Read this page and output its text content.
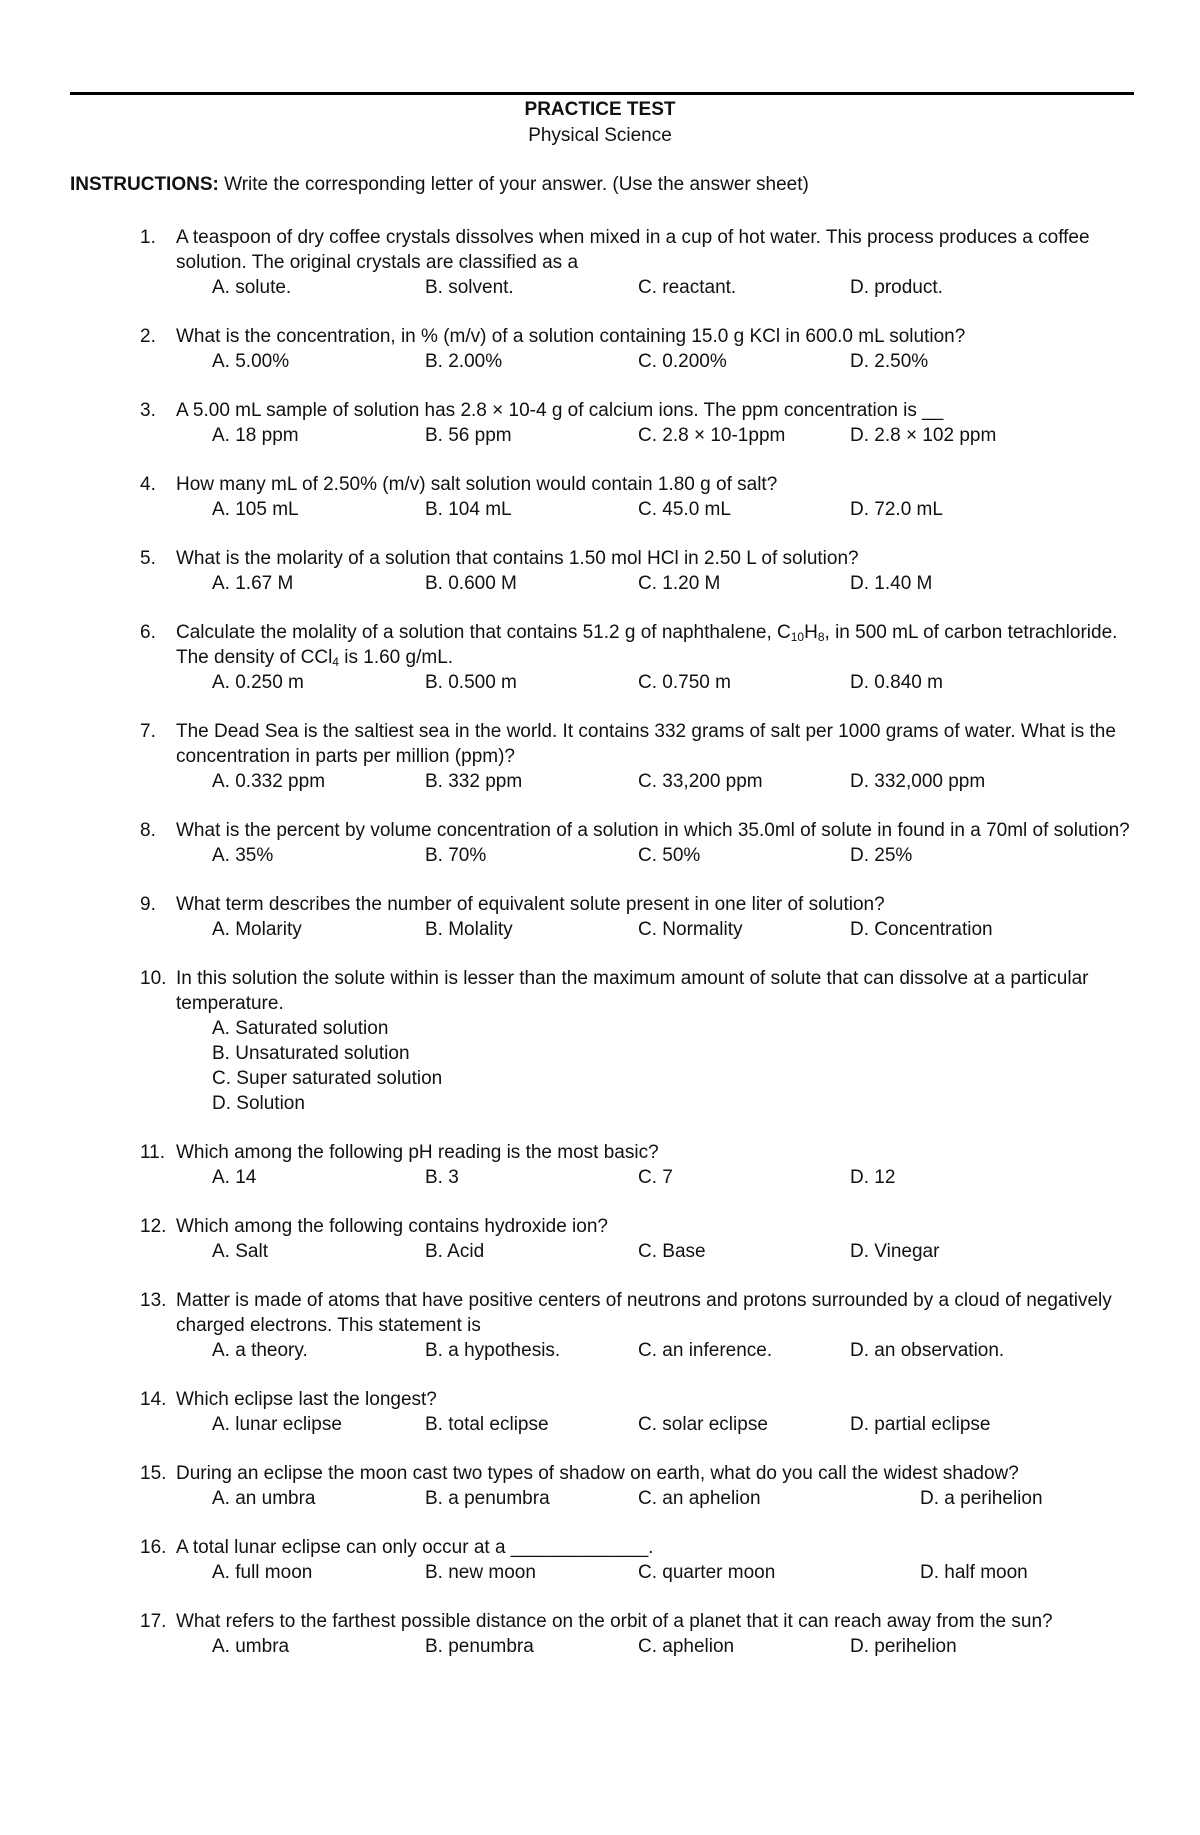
PRACTICE TEST
Physical Science
INSTRUCTIONS: Write the corresponding letter of your answer. (Use the answer sheet)
1. A teaspoon of dry coffee crystals dissolves when mixed in a cup of hot water. This process produces a coffee solution. The original crystals are classified as a
A. solute.	B. solvent.	C. reactant.	D. product.
2. What is the concentration, in % (m/v) of a solution containing 15.0 g KCl in 600.0 mL solution?
A. 5.00%	B. 2.00%	C. 0.200%	D. 2.50%
3. A 5.00 mL sample of solution has 2.8 × 10-4 g of calcium ions. The ppm concentration is __
A. 18 ppm	B. 56 ppm	C. 2.8 × 10-1ppm	D. 2.8 × 102 ppm
4. How many mL of 2.50% (m/v) salt solution would contain 1.80 g of salt?
A. 105 mL	B. 104 mL	C. 45.0 mL	D. 72.0 mL
5. What is the molarity of a solution that contains 1.50 mol HCl in 2.50 L of solution?
A. 1.67 M	B. 0.600 M	C. 1.20 M	D. 1.40 M
6. Calculate the molality of a solution that contains 51.2 g of naphthalene, $C_{10}H_8$, in 500 mL of carbon tetrachloride. The density of CCl$_4$ is 1.60 g/mL.
A. 0.250 m	B. 0.500 m	C. 0.750 m	D. 0.840 m
7. The Dead Sea is the saltiest sea in the world. It contains 332 grams of salt per 1000 grams of water. What is the concentration in parts per million (ppm)?
A. 0.332 ppm	B. 332 ppm	C. 33,200 ppm	D. 332,000 ppm
8. What is the percent by volume concentration of a solution in which 35.0ml of solute in found in a 70ml of solution?
A. 35%	B. 70%	C. 50%	D. 25%
9. What term describes the number of equivalent solute present in one liter of solution?
A. Molarity	B. Molality	C. Normality	D. Concentration
10. In this solution the solute within is lesser than the maximum amount of solute that can dissolve at a particular temperature.
A. Saturated solution
B. Unsaturated solution
C. Super saturated solution
D. Solution
11. Which among the following pH reading is the most basic?
A. 14	B. 3	C. 7	D. 12
12. Which among the following contains hydroxide ion?
A. Salt	B. Acid	C. Base	D. Vinegar
13. Matter is made of atoms that have positive centers of neutrons and protons surrounded by a cloud of negatively charged electrons. This statement is
A. a theory.	B. a hypothesis.	C. an inference.	D. an observation.
14. Which eclipse last the longest?
A. lunar eclipse	B. total eclipse	C. solar eclipse	D. partial eclipse
15. During an eclipse the moon cast two types of shadow on earth, what do you call the widest shadow?
A. an umbra	B. a penumbra	C. an aphelion	D. a perihelion
16. A total lunar eclipse can only occur at a _____________.
A. full moon	B. new moon	C. quarter moon	D. half moon
17. What refers to the farthest possible distance on the orbit of a planet that it can reach away from the sun?
A. umbra	B. penumbra	C. aphelion	D. perihelion
